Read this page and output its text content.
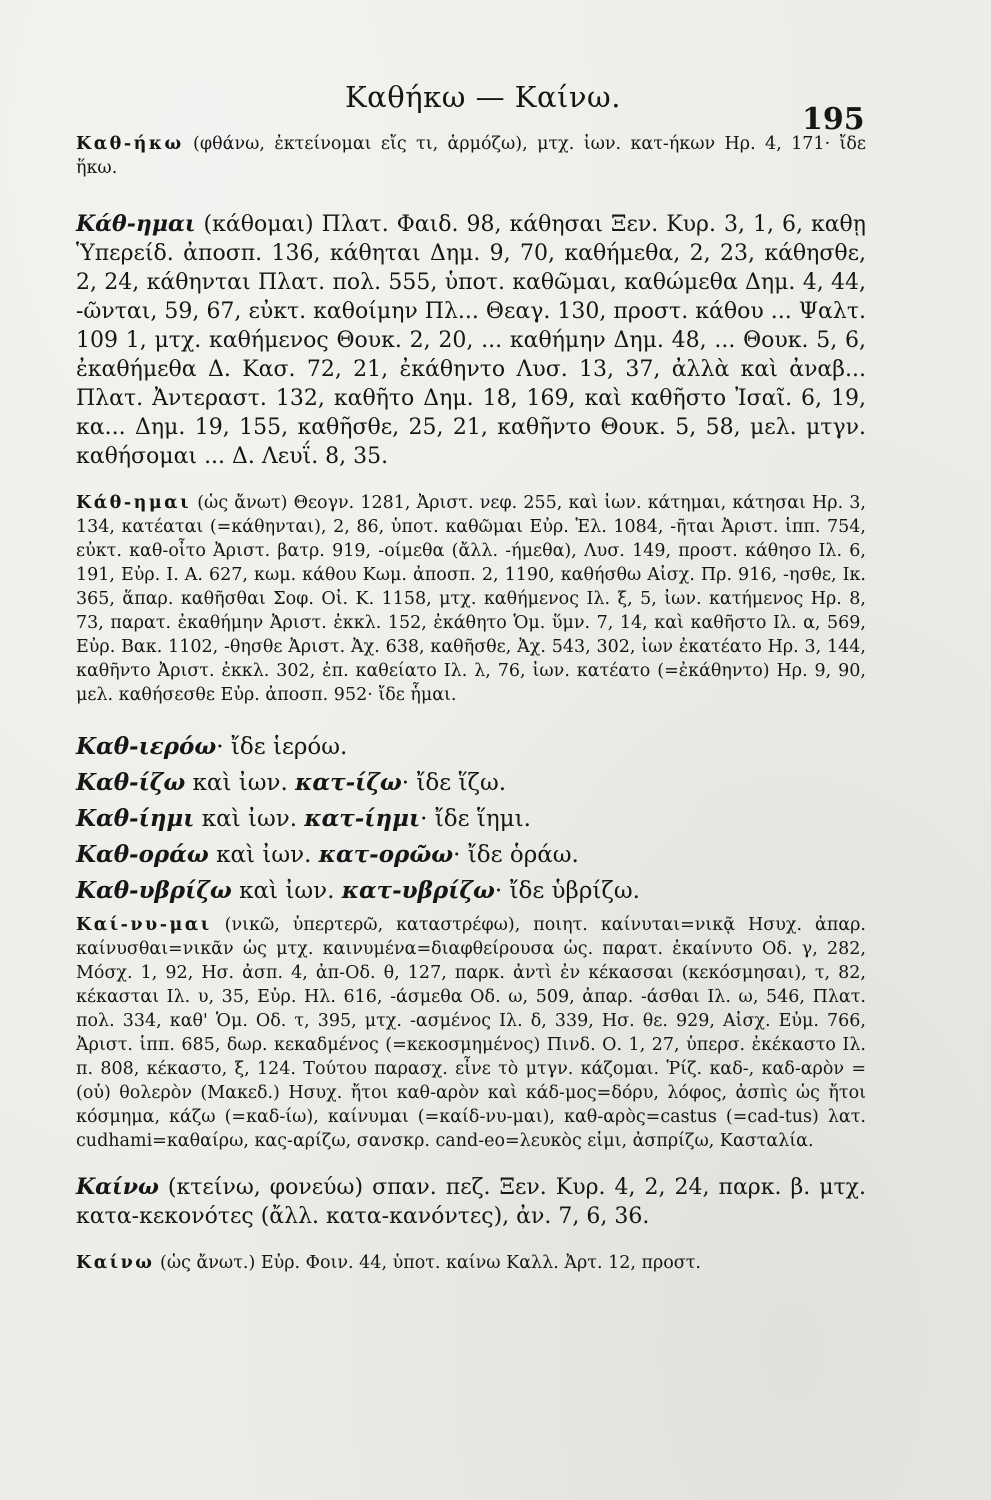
Καθήκω — Καίνω.
195

Καθ-ήκω (φθάνω, ἐκτείνομαι εἴς τι, ἁρμόζω), μτχ. ἰων. κατ-ήκων Ηρ. 4, 171· ἴδε ἥκω.

Κάθ-ημαι (κάθομαι) Πλατ. Φαιδ. 98, κάθησαι Ξεν. Κυρ. 3, 1, 6, καθῃ Ὑπερείδ. ἀποσπ. 136, κάθηται Δημ. 9, 70, καθήμεθα, 2, 23, κάθησθε, 2, 24, κάθηνται Πλατ. πολ. 555, ὑποτ. καθῶμαι, καθώμεθα Δημ. 4, 44, -ῶνται, 59, 67, εὐκτ. καθοίμην Πλ... Θεαγ. 130, προστ. κάθου ... Ψαλτ. 109 1, μτχ. καθήμενος Θουκ. 2, 20, ... καθήμην Δημ. 48, ... Θουκ. 5, 6, ἐκαθήμεθα Δ. Κασ. 72, 21, ἐκάθηντο Λυσ. 13, 37, ἀλλὰ καὶ ἀναβ... Πλατ. Ἀντεραστ. 132, καθῆτο Δημ. 18, 169, καὶ καθῆστο Ἰσαῖ. 6, 19, κα... Δημ. 19, 155, καθῆσθε, 25, 21, καθῆντο Θουκ. 5, 58, μελ. μτγν. καθήσομαι ... Δ. Λευΐ. 8, 35.

Κάθ-ημαι (ὡς ἄνωτ) Θεογν. 1281, Ἀριστ. νεφ. 255, καὶ ἰων. κάτημαι, κάτησαι Ηρ. 3, 134, κατέαται (=κάθηνται), 2, 86, ὑποτ. καθῶμαι Εὐρ. Ἑλ. 1084, -ῆται Ἀριστ. ἱππ. 754, εὐκτ. καθ-οἶτο Ἀριστ. βατρ. 919, -οίμεθα (ἄλλ. -ήμεθα), Λυσ. 149, προστ. κάθησο Ιλ. 6, 191, Εὐρ. Ι. Α. 627, κωμ. κάθου Κωμ. ἀποσπ. 2, 1190, καθήσθω Αἰσχ. Πρ. 916, -ησθε, Ικ. 365, ἅπαρ. καθῆσθαι Σοφ. Οἰ. Κ. 1158, μτχ. καθήμενος Ιλ. ξ, 5, ἰων. κατήμενος Ηρ. 8, 73, παρατ. ἐκαθήμην Ἀριστ. ἐκκλ. 152, ἐκάθητο Ὁμ. ὕμν. 7, 14, καὶ καθῆστο Ιλ. α, 569, Εὐρ. Βακ. 1102, -θησθε Ἀριστ. Ἀχ. 638, καθῆσθε, Ἀχ. 543, 302, ἰων ἐκατέατο Ηρ. 3, 144, καθῆντο Ἀριστ. ἐκκλ. 302, ἐπ. καθείατο Ιλ. λ, 76, ἰων. κατέατο (=ἐκάθηντο) Ηρ. 9, 90, μελ. καθήσεσθε Εὐρ. ἀποσπ. 952· ἴδε ἧμαι.

Καθ-ιερόω· ἴδε ἱερόω.

Καθ-ίζω καὶ ἰων. κατ-ίζω· ἴδε ἵζω.

Καθ-ίημι καὶ ἰων. κατ-ίημι· ἴδε ἵημι.

Καθ-οράω καὶ ἰων. κατ-ορῶω· ἴδε ὁράω.

Καθ-υβρίζω καὶ ἰων. κατ-υβρίζω· ἴδε ὑβρίζω.

Καί-νυ-μαι (νικῶ, ὑπερτερῶ, καταστρέφω), ποιητ. καίνυται=νικᾷ Ησυχ. ἀπαρ. καίνυσθαι=νικᾶν ὡς μτχ. καινυμένα=διαφθείρουσα ὡς. παρατ. ἐκαίνυτο Οδ. γ, 282, Μόσχ. 1, 92, Ησ. ἀσπ. 4, ἀπ-Οδ. θ, 127, παρκ. ἀντὶ ἐν κέκασσαι (κεκόσμησαι), τ, 82, κέκασται Ιλ. υ, 35, Εὐρ. Ηλ. 616, -άσμεθα Οδ. ω, 509, ἀπαρ. -άσθαι Ιλ. ω, 546, Πλατ. πολ. 334, καθ' Ὁμ. Οδ. τ, 395, μτχ. -ασμένος Ιλ. δ, 339, Ησ. θε. 929, Αἰσχ. Εὐμ. 766, Ἀριστ. ἱππ. 685, δωρ. κεκαδμένος (=κεκοσμημένος) Πινδ. Ο. 1, 27, ὑπερσ. ἐκέκαστο Ιλ. π. 808, κέκαστο, ξ, 124. Τούτου παρασχ. εἶνε τὸ μτγν. κάζομαι. Ῥίζ. καδ-, καδ-αρὸν =(οὐ) θολερὸν (Μακεδ.) Ησυχ. ἤτοι καθ-αρὸν καὶ κάδ-μος=δόρυ, λόφος, ἀσπὶς ὡς ἤτοι κόσμημα, κάζω (=καδ-ίω), καίνυμαι (=καίδ-νυ-μαι), καθ-αρὸς=castus (=cad-tus) λατ. cudhami=καθαίρω, κας-αρίζω, σανσκρ. cand-eo=λευκὸς εἰμι, ἀσπρίζω, Κασταλία.

Καίνω (κτείνω, φονεύω) σπαν. πεζ. Ξεν. Κυρ. 4, 2, 24, παρκ. β. μτχ. κατα-κεκονότες (ἄλλ. κατα-κανόντες), ἀν. 7, 6, 36.

Καίνω (ὡς ἄνωτ.) Εὐρ. Φοιν. 44, ὑποτ. καίνω Καλλ. Ἀρτ. 12, προστ.
